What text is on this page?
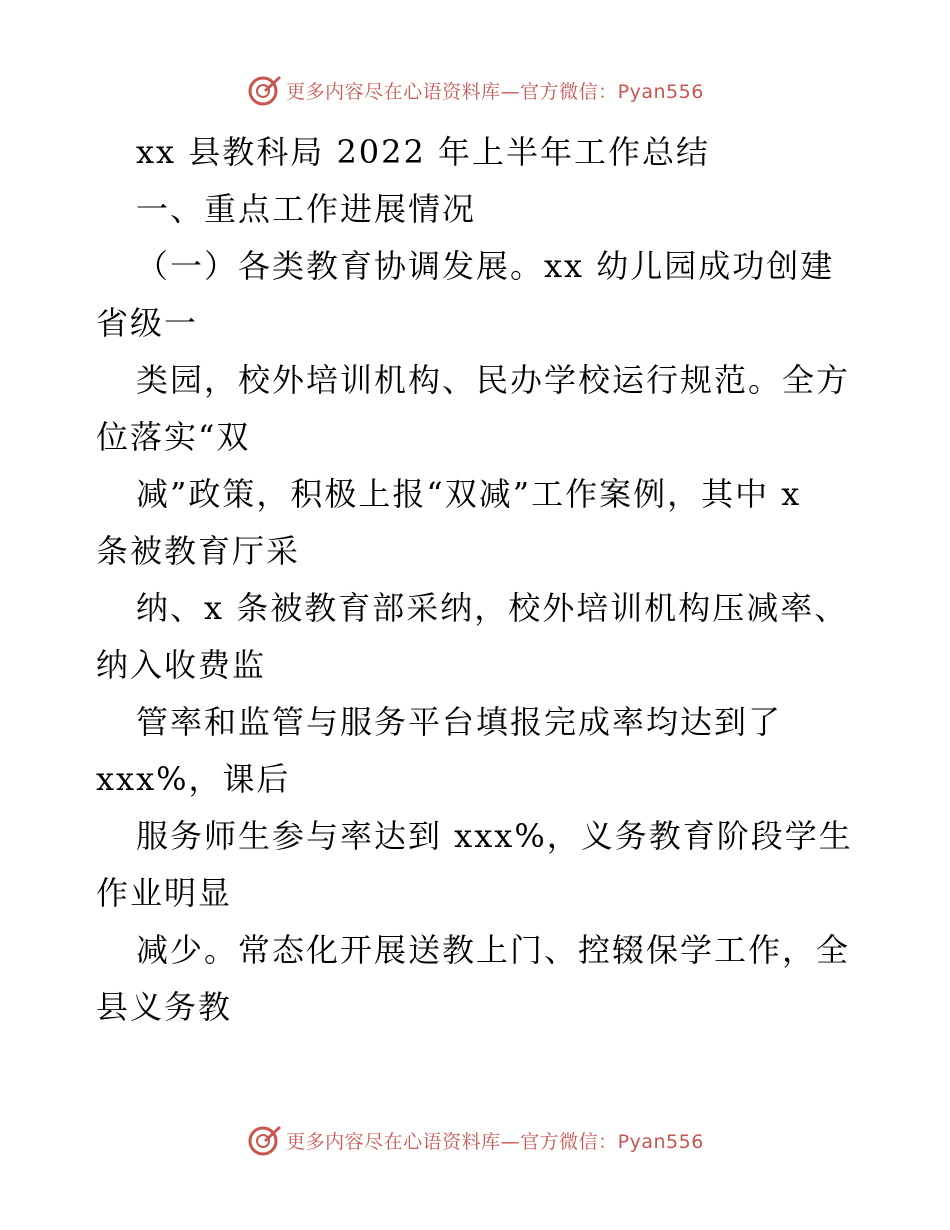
更多内容尽在心语资料库—官方微信：Pyan556
xx 县教科局 2022 年上半年工作总结
一、重点工作进展情况
（一）各类教育协调发展。xx 幼儿园成功创建
省级一
类园，校外培训机构、民办学校运行规范。全方
位落实“双
减”政策，积极上报“双减”工作案例，其中 x
条被教育厅采
纳、x 条被教育部采纳，校外培训机构压减率、
纳入收费监
管率和监管与服务平台填报完成率均达到了
xxx%，课后
服务师生参与率达到 xxx%，义务教育阶段学生
作业明显
减少。常态化开展送教上门、控辍保学工作，全
县义务教
更多内容尽在心语资料库—官方微信：Pyan556
